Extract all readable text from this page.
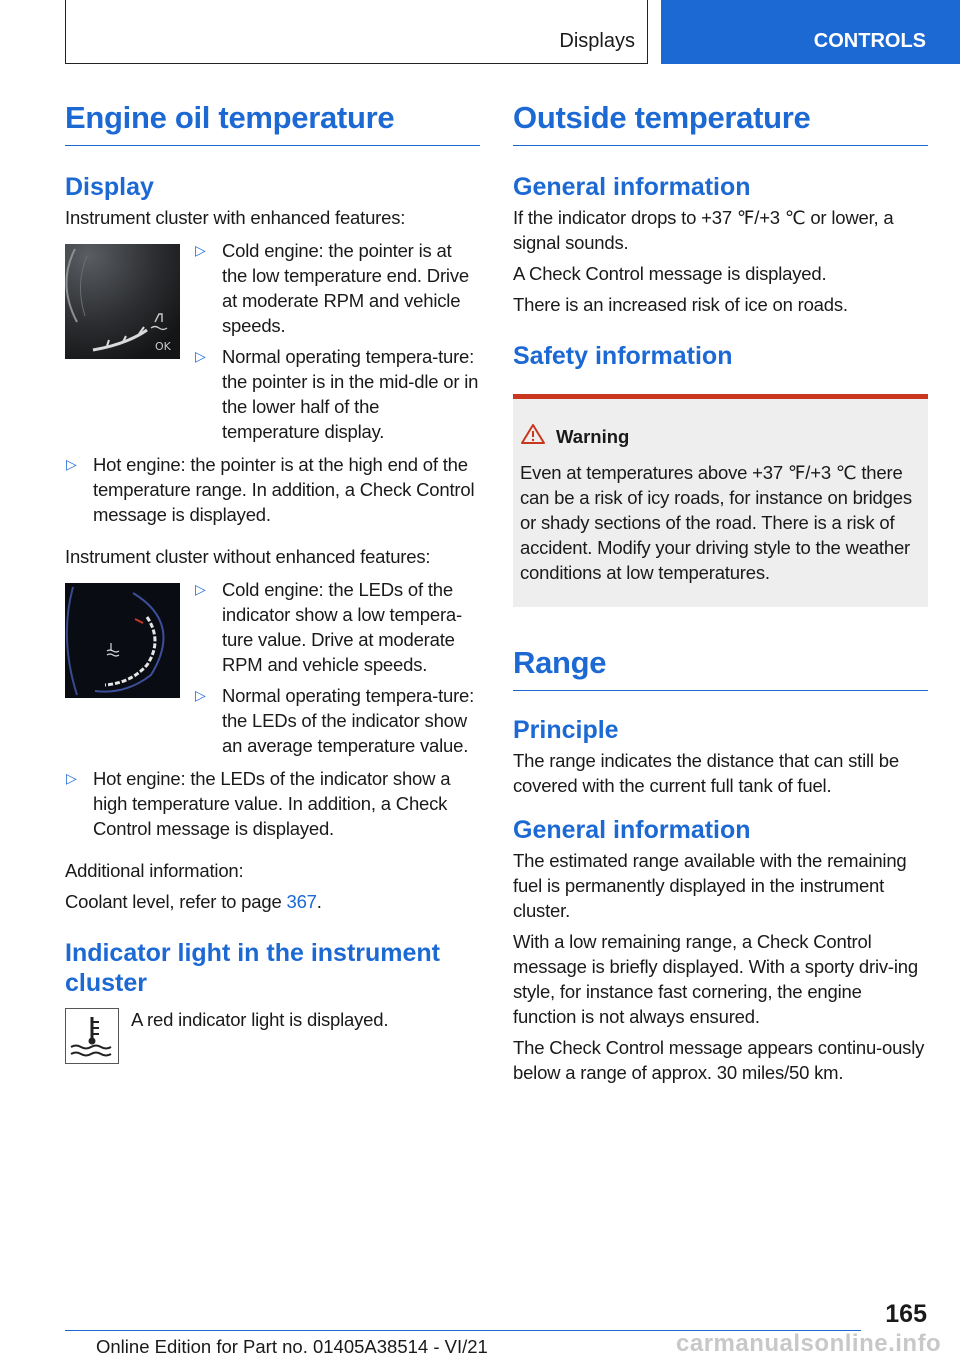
Displays	CONTROLS
Engine oil temperature
Display

Instrument cluster with enhanced features:

OK
▷ Cold engine: the pointer is at the low temperature end. Drive at moderate RPM and vehicle speeds.
▷ Normal operating tempera-ture: the pointer is in the mid-dle or in the lower half of the temperature display.
▷ Hot engine: the pointer is at the high end of the temperature range. In addition, a Check Control message is displayed.

Instrument cluster without enhanced features:

▷ Cold engine: the LEDs of the indicator show a low tempera-ture value. Drive at moderate RPM and vehicle speeds.
▷ Normal operating tempera-ture: the LEDs of the indicator show an average temperature value.
▷ Hot engine: the LEDs of the indicator show a high temperature value. In addition, a Check Control message is displayed.

Additional information:

Coolant level, refer to page 367.

Indicator light in the instrument cluster

A red indicator light is displayed.

Outside temperature
General information

If the indicator drops to +37 ℉/+3 ℃ or lower, a signal sounds.

A Check Control message is displayed.

There is an increased risk of ice on roads.

Safety information
Warning

Even at temperatures above +37 ℉/+3 ℃ there can be a risk of icy roads, for instance on bridges or shady sections of the road. There is a risk of accident. Modify your driving style to the weather conditions at low temperatures.

Range
Principle

The range indicates the distance that can still be covered with the current full tank of fuel.

General information

The estimated range available with the remaining fuel is permanently displayed in the instrument cluster.

With a low remaining range, a Check Control message is briefly displayed. With a sporty driv-ing style, for instance fast cornering, the engine function is not always ensured.

The Check Control message appears continu-ously below a range of approx. 30 miles/50 km.

165
Online Edition for Part no. 01405A38514 - VI/21	carmanualsonline.info
